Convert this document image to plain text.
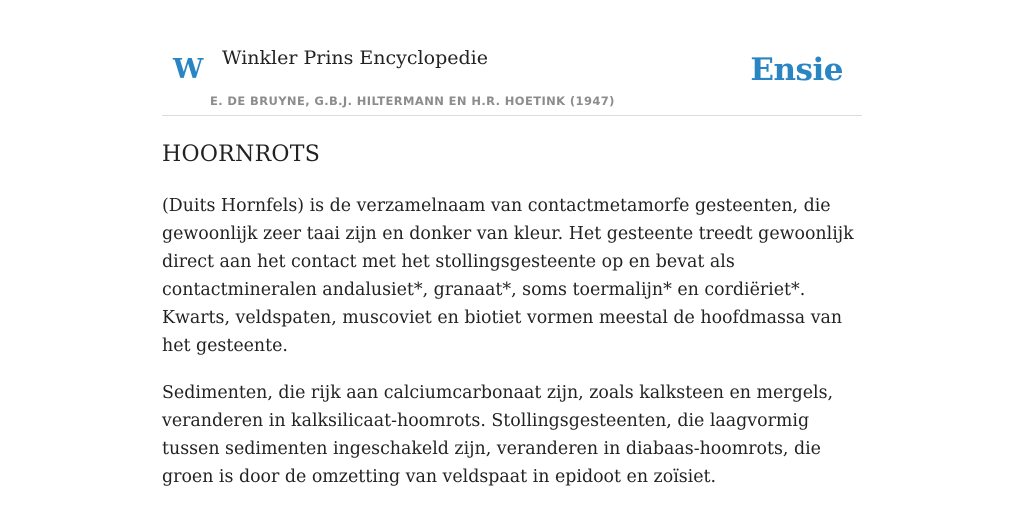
W Winkler Prins Encyclopedie
E. DE BRUYNE, G.B.J. HILTERMANN EN H.R. HOETINK (1947)
Ensie
HOORNROTS

(Duits Hornfels) is de verzamelnaam van contactmetamorfe gesteenten, die gewoonlijk zeer taai zijn en donker van kleur. Het gesteente treedt gewoonlijk direct aan het contact met het stollingsgesteente op en bevat als contactmineralen andalusiet*, granaat*, soms toermalijn* en cordiëriet*. Kwarts, veldspaten, muscoviet en biotiet vormen meestal de hoofdmassa van het gesteente.

Sedimenten, die rijk aan calciumcarbonaat zijn, zoals kalksteen en mergels, veranderen in kalksilicaat-hoomrots. Stollingsgesteenten, die laagvormig tussen sedimenten ingeschakeld zijn, veranderen in diabaas-hoomrots, die groen is door de omzetting van veldspaat in epidoot en zoïsiet.
